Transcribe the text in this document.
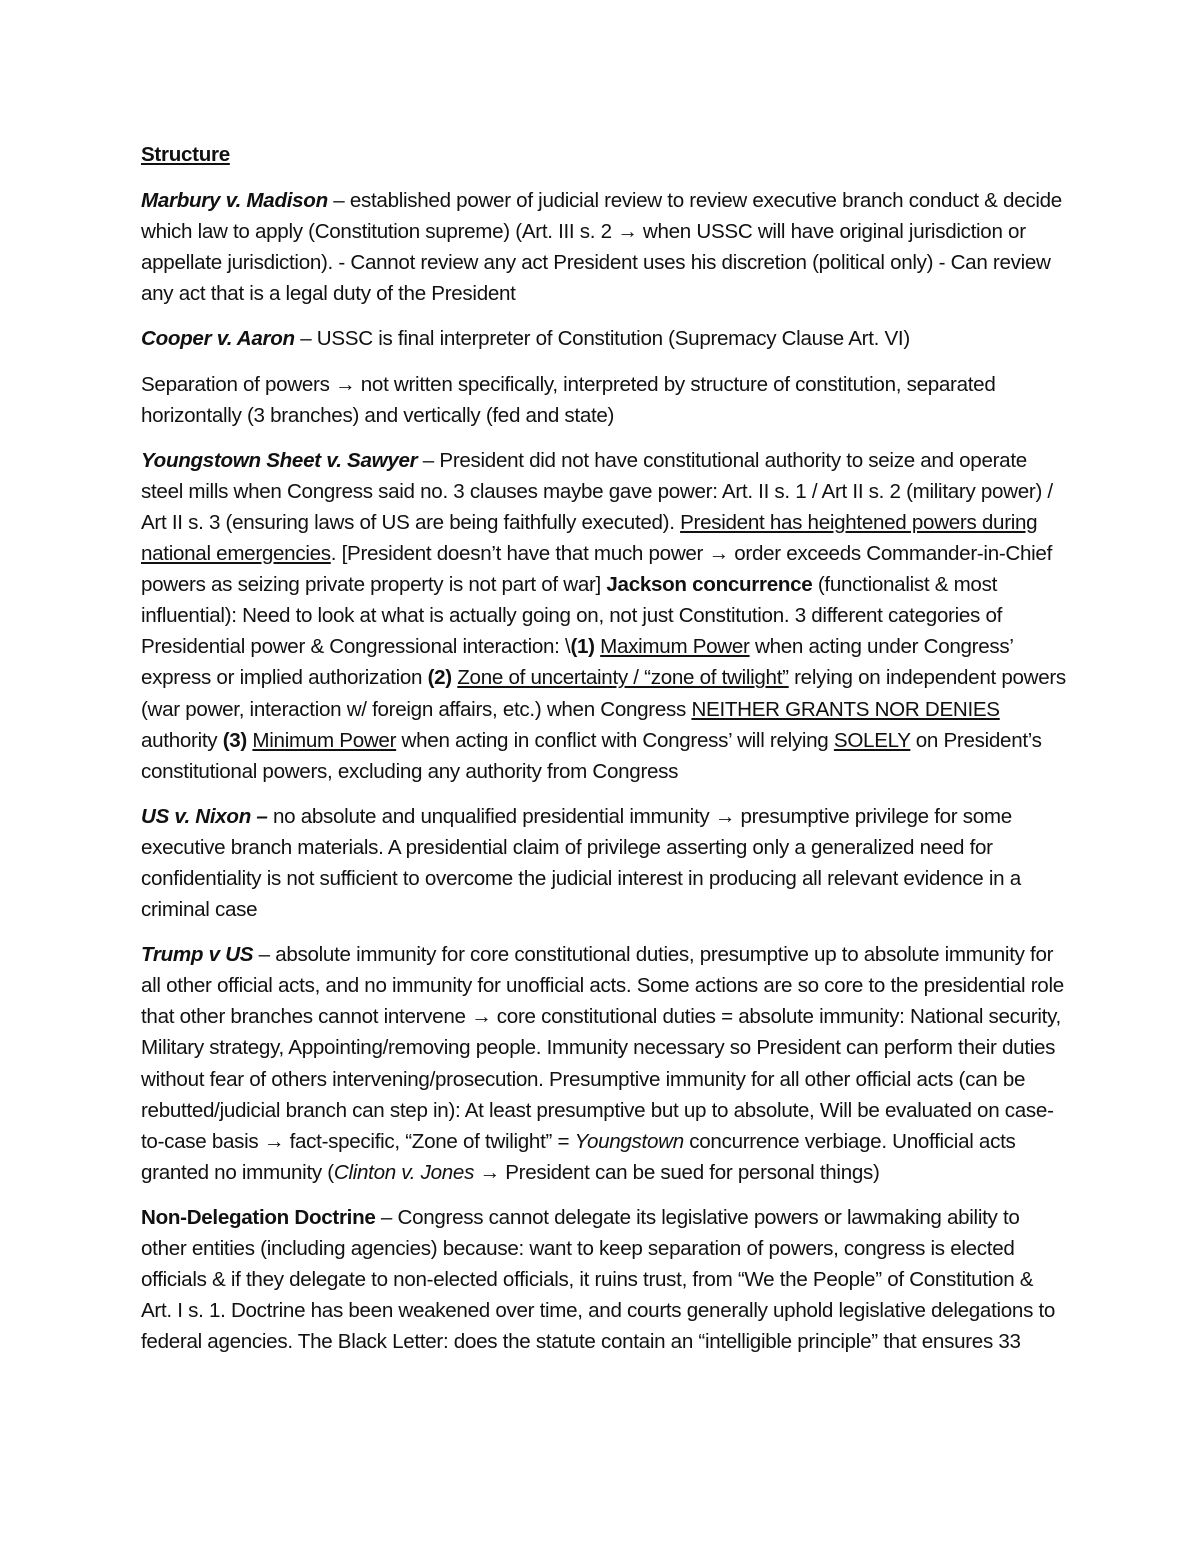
Structure

Marbury v. Madison – established power of judicial review to review executive branch conduct & decide which law to apply (Constitution supreme) (Art. III s. 2 → when USSC will have original jurisdiction or appellate jurisdiction). - Cannot review any act President uses his discretion (political only) - Can review any act that is a legal duty of the President

Cooper v. Aaron – USSC is final interpreter of Constitution (Supremacy Clause Art. VI)

Separation of powers → not written specifically, interpreted by structure of constitution, separated horizontally (3 branches) and vertically (fed and state)

Youngstown Sheet v. Sawyer – President did not have constitutional authority to seize and operate steel mills when Congress said no. 3 clauses maybe gave power: Art. II s. 1 / Art II s. 2 (military power) / Art II s. 3 (ensuring laws of US are being faithfully executed). President has heightened powers during national emergencies. [President doesn’t have that much power → order exceeds Commander-in-Chief powers as seizing private property is not part of war] Jackson concurrence (functionalist & most influential): Need to look at what is actually going on, not just Constitution. 3 different categories of Presidential power & Congressional interaction: \(1) Maximum Power when acting under Congress’ express or implied authorization (2) Zone of uncertainty / “zone of twilight” relying on independent powers (war power, interaction w/ foreign affairs, etc.) when Congress NEITHER GRANTS NOR DENIES authority (3) Minimum Power when acting in conflict with Congress’ will relying SOLELY on President’s constitutional powers, excluding any authority from Congress

US v. Nixon – no absolute and unqualified presidential immunity → presumptive privilege for some executive branch materials. A presidential claim of privilege asserting only a generalized need for confidentiality is not sufficient to overcome the judicial interest in producing all relevant evidence in a criminal case

Trump v US – absolute immunity for core constitutional duties, presumptive up to absolute immunity for all other official acts, and no immunity for unofficial acts. Some actions are so core to the presidential role that other branches cannot intervene → core constitutional duties = absolute immunity: National security, Military strategy, Appointing/removing people. Immunity necessary so President can perform their duties without fear of others intervening/prosecution. Presumptive immunity for all other official acts (can be rebutted/judicial branch can step in): At least presumptive but up to absolute, Will be evaluated on case-to-case basis → fact-specific, “Zone of twilight” = Youngstown concurrence verbiage. Unofficial acts granted no immunity (Clinton v. Jones → President can be sued for personal things)

Non-Delegation Doctrine – Congress cannot delegate its legislative powers or lawmaking ability to other entities (including agencies) because: want to keep separation of powers, congress is elected officials & if they delegate to non-elected officials, it ruins trust, from “We the People” of Constitution & Art. I s. 1. Doctrine has been weakened over time, and courts generally uphold legislative delegations to federal agencies. The Black Letter: does the statute contain an “intelligible principle” that ensures 33
